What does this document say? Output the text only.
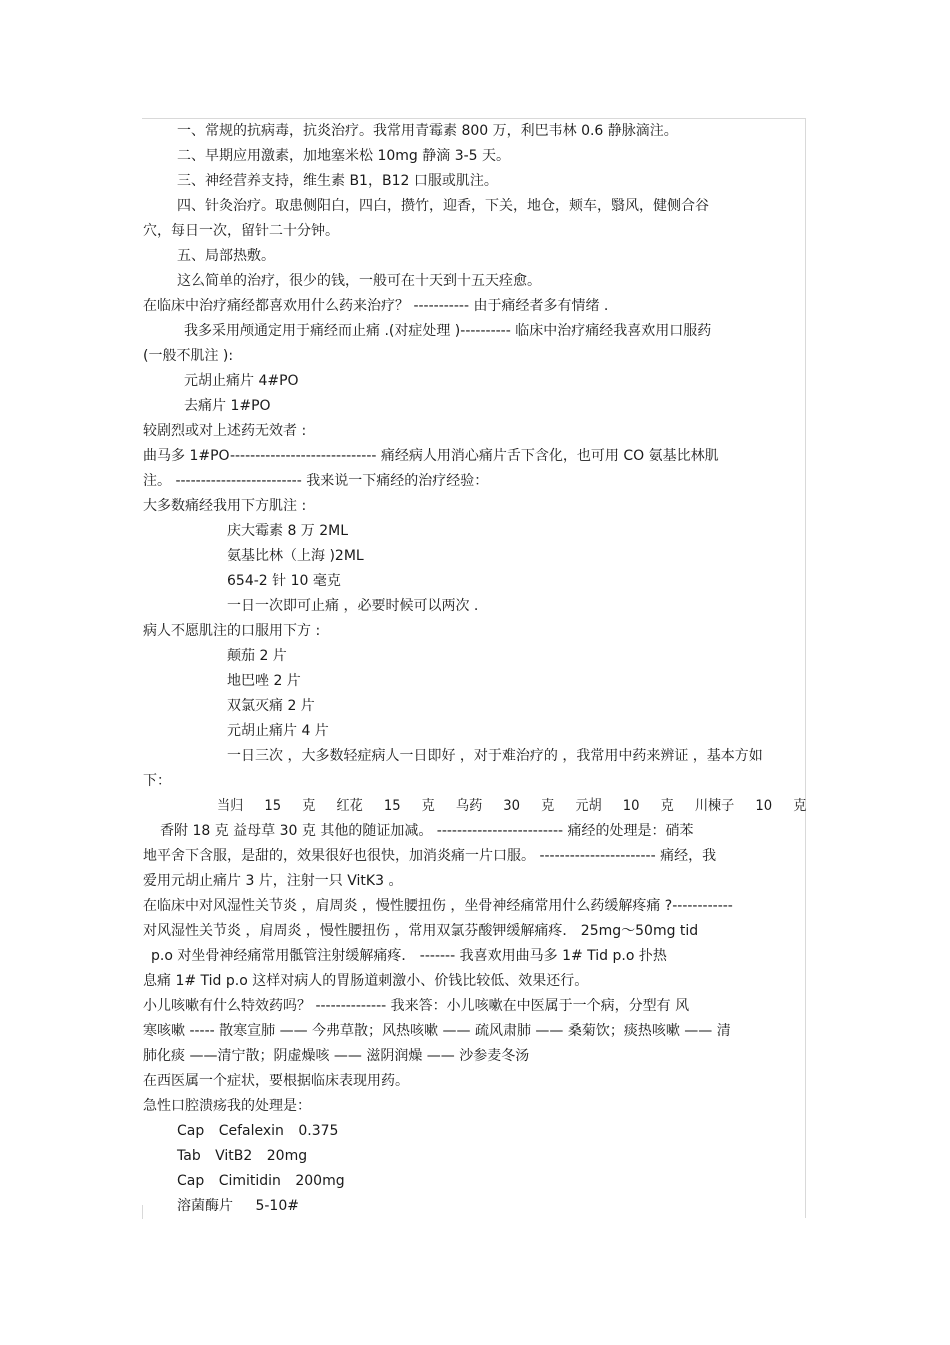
一、常规的抗病毒，抗炎治疗。我常用青霉素 800 万，利巴韦林 0.6 静脉滴注。
二、早期应用激素，加地塞米松 10mg 静滴 3-5 天。
三、神经营养支持，维生素 B1，B12 口服或肌注。
四、针灸治疗。取患侧阳白，四白，攒竹，迎香，下关，地仓，颊车，翳风，健侧合谷
穴，每日一次，留针二十分钟。
五、局部热敷。
这么简单的治疗，很少的钱，一般可在十天到十五天痊愈。
在临床中治疗痛经都喜欢用什么药来治疗？ ----------- 由于痛经者多有情绪 .
我多采用颅通定用于痛经而止痛 .(对症处理 )---------- 临床中治疗痛经我喜欢用口服药
(一般不肌注 ):
元胡止痛片 4#PO
去痛片 1#PO
较剧烈或对上述药无效者 :
曲马多 1#PO----------------------------- 痛经病人用消心痛片舌下含化，也可用 CO 氨基比林肌
注。 ------------------------- 我来说一下痛经的治疗经验：
大多数痛经我用下方肌注 :
庆大霉素 8 万 2ML
氨基比林（上海 )2ML
654-2 针 10 毫克
一日一次即可止痛 ，必要时候可以两次 .
病人不愿肌注的口服用下方 :
颠茄 2 片
地巴唑 2 片
双氯灭痛 2 片
元胡止痛片 4 片
一日三次 ，大多数轻症病人一日即好 ，对于难治疗的 ，我常用中药来辨证 ，基本方如
下：
当归 15 克 红花 15 克 乌药 30 克 元胡 10 克 川楝子 10 克
香附 18 克 益母草 30 克 其他的随证加减。 ------------------------- 痛经的处理是：硝苯
地平舍下含服，是甜的，效果很好也很快，加消炎痛一片口服。 ----------------------- 痛经，我
爱用元胡止痛片 3 片，注射一只 VitK3 。
在临床中对风湿性关节炎 ，肩周炎 ，慢性腰扭伤 ，坐骨神经痛常用什么药缓解疼痛 ?------------
对风湿性关节炎 ，肩周炎 ，慢性腰扭伤 ，常用双氯芬酸钾缓解痛疼． 25mg～50mg tid
p.o 对坐骨神经痛常用骶管注射缓解痛疼． ------- 我喜欢用曲马多 1# Tid p.o 扑热
息痛 1# Tid p.o 这样对病人的胃肠道刺激小、价钱比较低、效果还行。
小儿咳嗽有什么特效药吗？ -------------- 我来答：小儿咳嗽在中医属于一个病，分型有 风
寒咳嗽 ----- 散寒宣肺 —— 今弗草散；风热咳嗽 —— 疏风肃肺 —— 桑菊饮；痰热咳嗽 —— 清
肺化痰 ——清宁散；阴虚燥咳 —— 滋阴润燥 —— 沙参麦冬汤
在西医属一个症状，要根据临床表现用药。
急性口腔溃疡我的处理是：
Cap Cefalexin 0.375
Tab VitB2 20mg
Cap Cimitidin 200mg
溶菌酶片 5-10#
